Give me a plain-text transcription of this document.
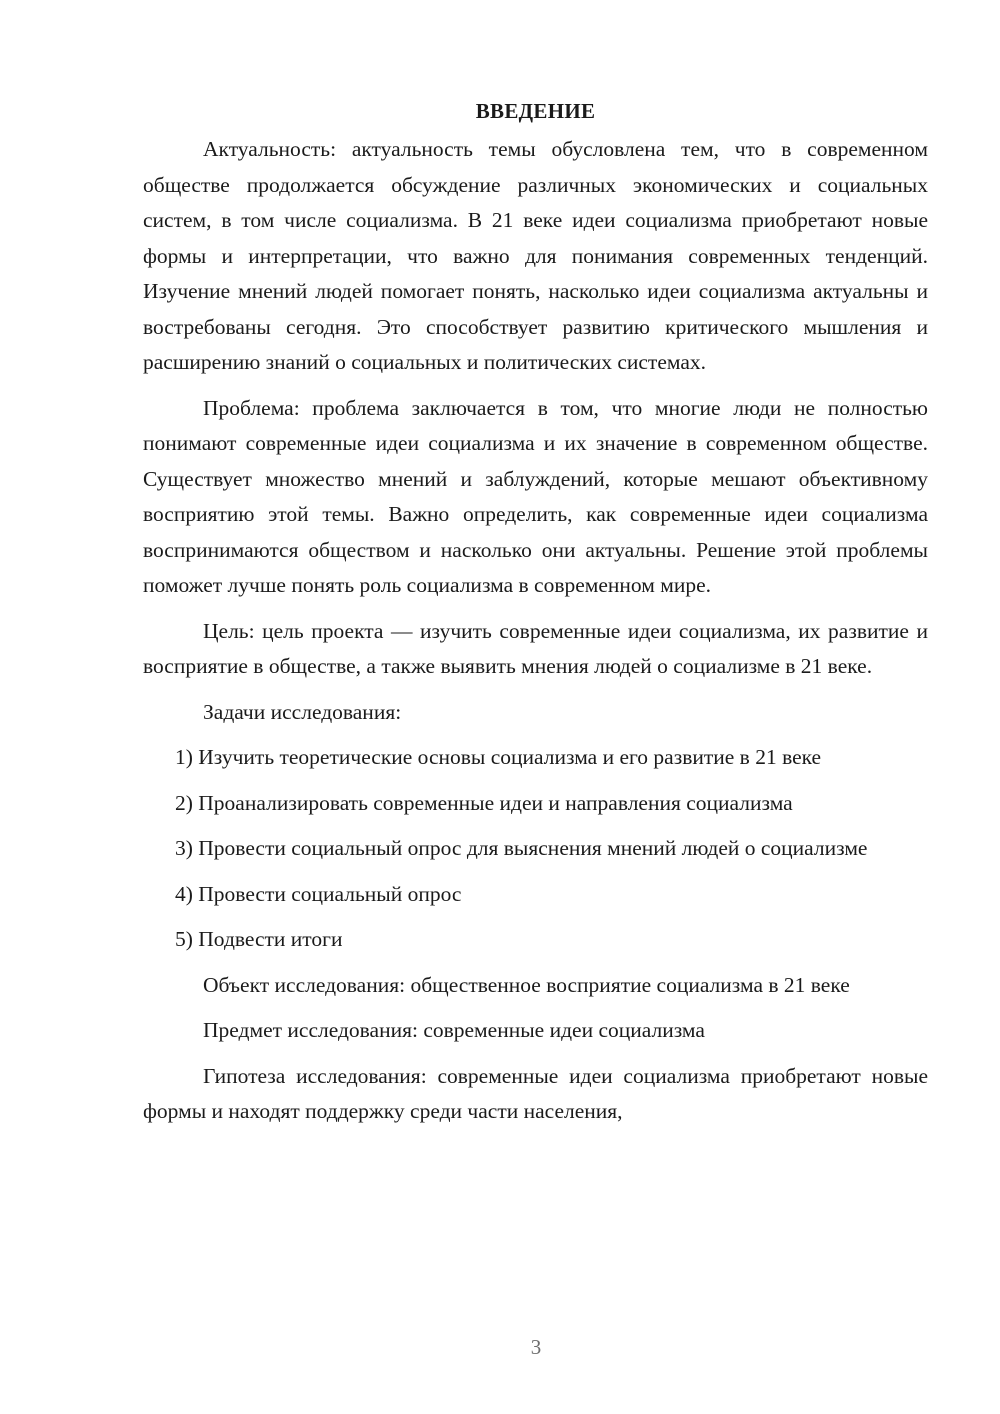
ВВЕДЕНИЕ

Актуальность: актуальность темы обусловлена тем, что в современном обществе продолжается обсуждение различных экономических и социальных систем, в том числе социализма. В 21 веке идеи социализма приобретают новые формы и интерпретации, что важно для понимания современных тенденций. Изучение мнений людей помогает понять, насколько идеи социализма актуальны и востребованы сегодня. Это способствует развитию критического мышления и расширению знаний о социальных и политических системах.

Проблема: проблема заключается в том, что многие люди не полностью понимают современные идеи социализма и их значение в современном обществе. Существует множество мнений и заблуждений, которые мешают объективному восприятию этой темы. Важно определить, как современные идеи социализма воспринимаются обществом и насколько они актуальны. Решение этой проблемы поможет лучше понять роль социализма в современном мире.

Цель: цель проекта — изучить современные идеи социализма, их развитие и восприятие в обществе, а также выявить мнения людей о социализме в 21 веке.

Задачи исследования:

1) Изучить теоретические основы социализма и его развитие в 21 веке

2) Проанализировать современные идеи и направления социализма

3) Провести социальный опрос для выяснения мнений людей о социализме

4) Провести социальный опрос

5) Подвести итоги

Объект исследования: общественное восприятие социализма в 21 веке

Предмет исследования: современные идеи социализма

Гипотеза исследования: современные идеи социализма приобретают новые формы и находят поддержку среди части населения,

3
